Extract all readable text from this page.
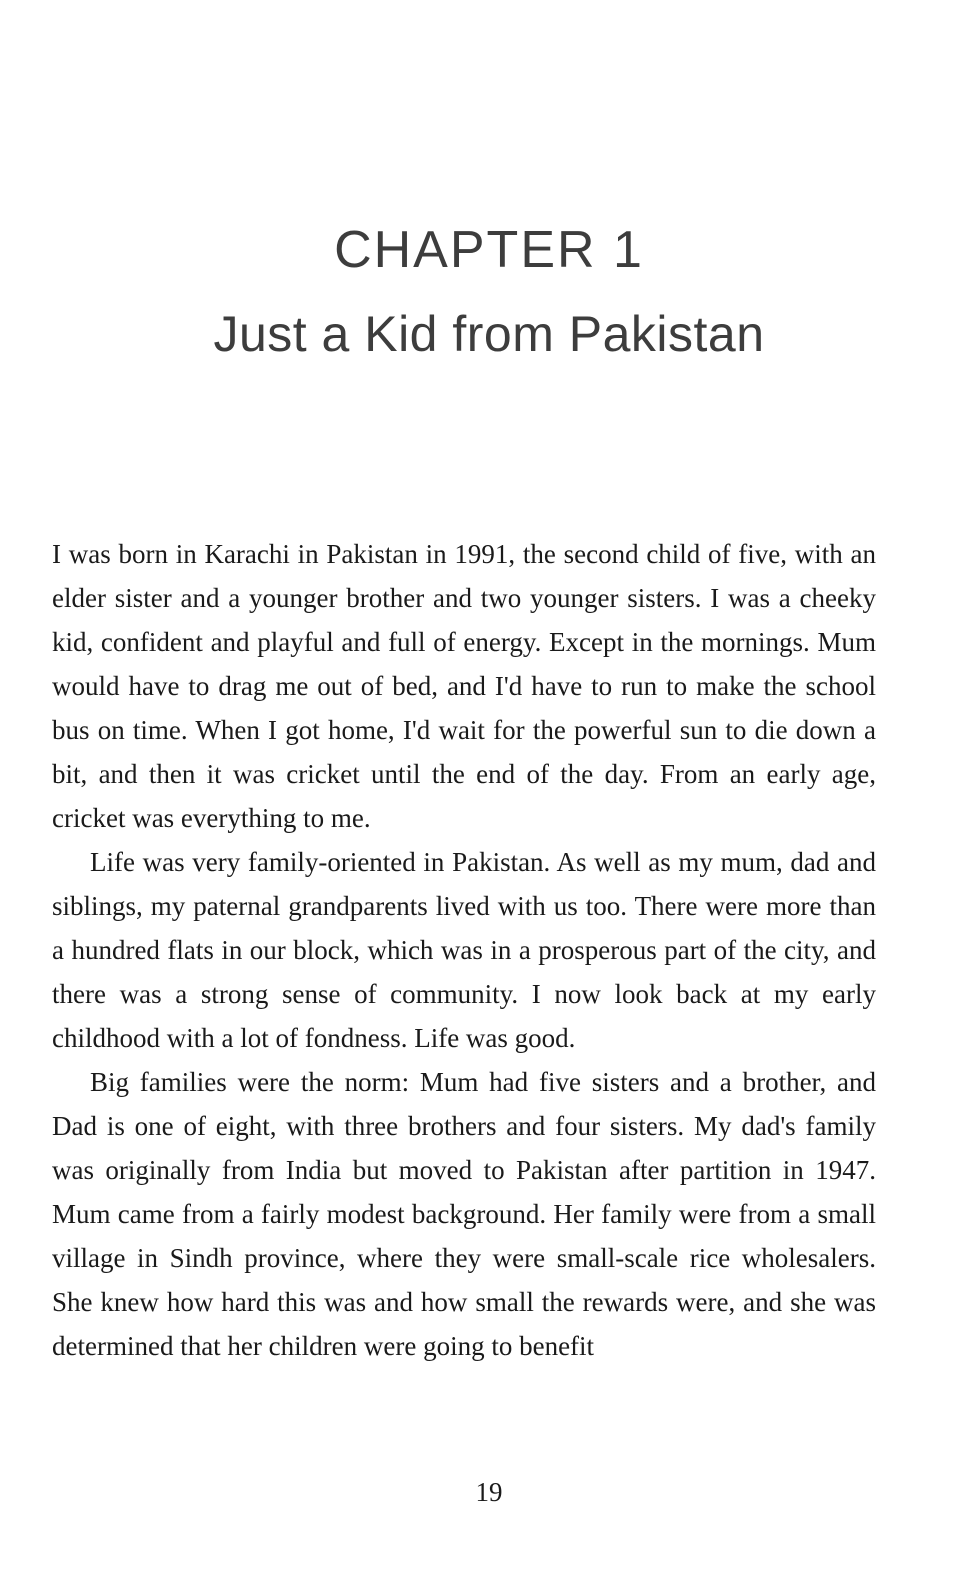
CHAPTER 1
Just a Kid from Pakistan

I was born in Karachi in Pakistan in 1991, the second child of five, with an elder sister and a younger brother and two younger sisters. I was a cheeky kid, confident and playful and full of energy. Except in the mornings. Mum would have to drag me out of bed, and I'd have to run to make the school bus on time. When I got home, I'd wait for the powerful sun to die down a bit, and then it was cricket until the end of the day. From an early age, cricket was everything to me.

Life was very family-oriented in Pakistan. As well as my mum, dad and siblings, my paternal grandparents lived with us too. There were more than a hundred flats in our block, which was in a prosperous part of the city, and there was a strong sense of community. I now look back at my early childhood with a lot of fondness. Life was good.

Big families were the norm: Mum had five sisters and a brother, and Dad is one of eight, with three brothers and four sisters. My dad's family was originally from India but moved to Pakistan after partition in 1947. Mum came from a fairly modest background. Her family were from a small village in Sindh province, where they were small-scale rice wholesalers. She knew how hard this was and how small the rewards were, and she was determined that her children were going to benefit

19
